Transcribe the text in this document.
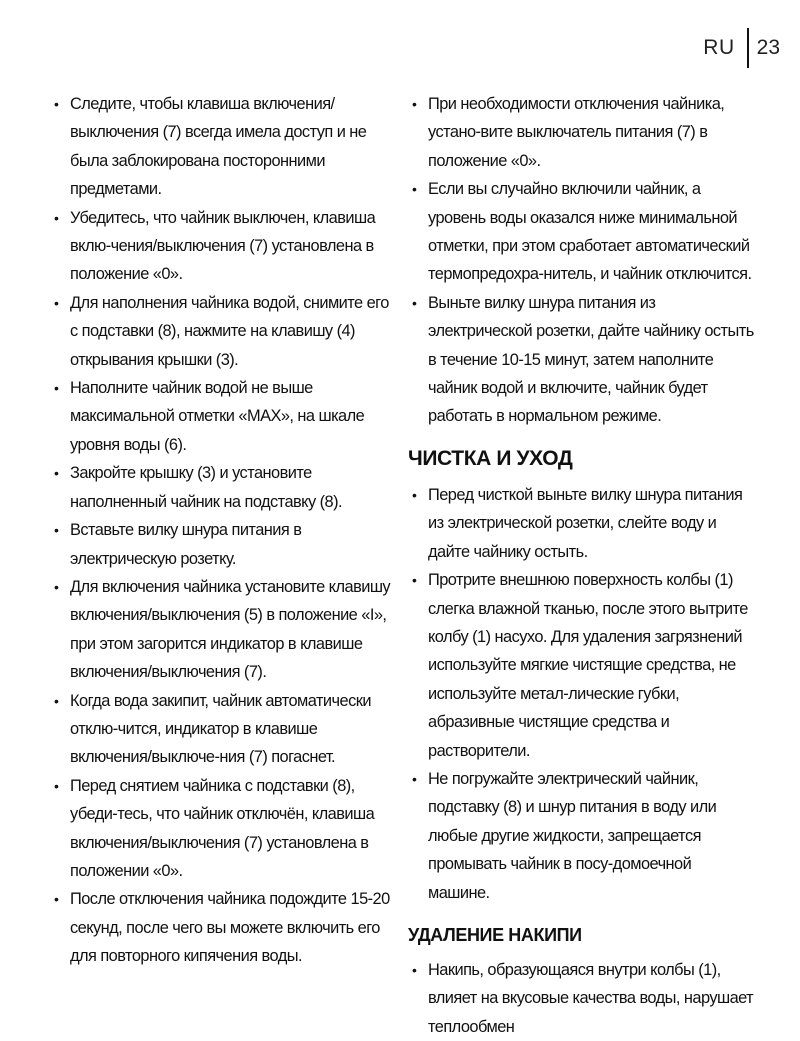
RU 23
• Следите, чтобы клавиша включения/выключения (7) всегда имела доступ и не была заблокирована посторонними предметами.
• Убедитесь, что чайник выключен, клавиша вклю-чения/выключения (7) установлена в положение «0».
• Для наполнения чайника водой, снимите его с подставки (8), нажмите на клавишу (4) открывания крышки (3).
• Наполните чайник водой не выше максимальной отметки «MAX», на шкале уровня воды (6).
• Закройте крышку (3) и установите наполненный чайник на подставку (8).
• Вставьте вилку шнура питания в электрическую розетку.
• Для включения чайника установите клавишу включения/выключения (5) в положение «I», при этом загорится индикатор в клавише включения/выключения (7).
• Когда вода закипит, чайник автоматически отклю-чится, индикатор в клавише включения/выключе-ния (7) погаснет.
• Перед снятием чайника с подставки (8), убеди-тесь, что чайник отключён, клавиша включения/выключения (7) установлена в положении «0».
• После отключения чайника подождите 15-20 секунд, после чего вы можете включить его для повторного кипячения воды.
• При необходимости отключения чайника, устано-вите выключатель питания (7) в положение «0».
• Если вы случайно включили чайник, а уровень воды оказался ниже минимальной отметки, при этом сработает автоматический термопредохра-нитель, и чайник отключится.
• Выньте вилку шнура питания из электрической розетки, дайте чайнику остыть в течение 10-15 минут, затем наполните чайник водой и включите, чайник будет работать в нормальном режиме.
ЧИСТКА И УХОД
• Перед чисткой выньте вилку шнура питания из электрической розетки, слейте воду и дайте чайнику остыть.
• Протрите внешнюю поверхность колбы (1) слегка влажной тканью, после этого вытрите колбу (1) насухо. Для удаления загрязнений используйте мягкие чистящие средства, не используйте метал-лические губки, абразивные чистящие средства и растворители.
• Не погружайте электрический чайник, подставку (8) и шнур питания в воду или любые другие жидкости, запрещается промывать чайник в посу-домоечной машине.
УДАЛЕНИЕ НАКИПИ
• Накипь, образующаяся внутри колбы (1), влияет на вкусовые качества воды, нарушает теплообмен
